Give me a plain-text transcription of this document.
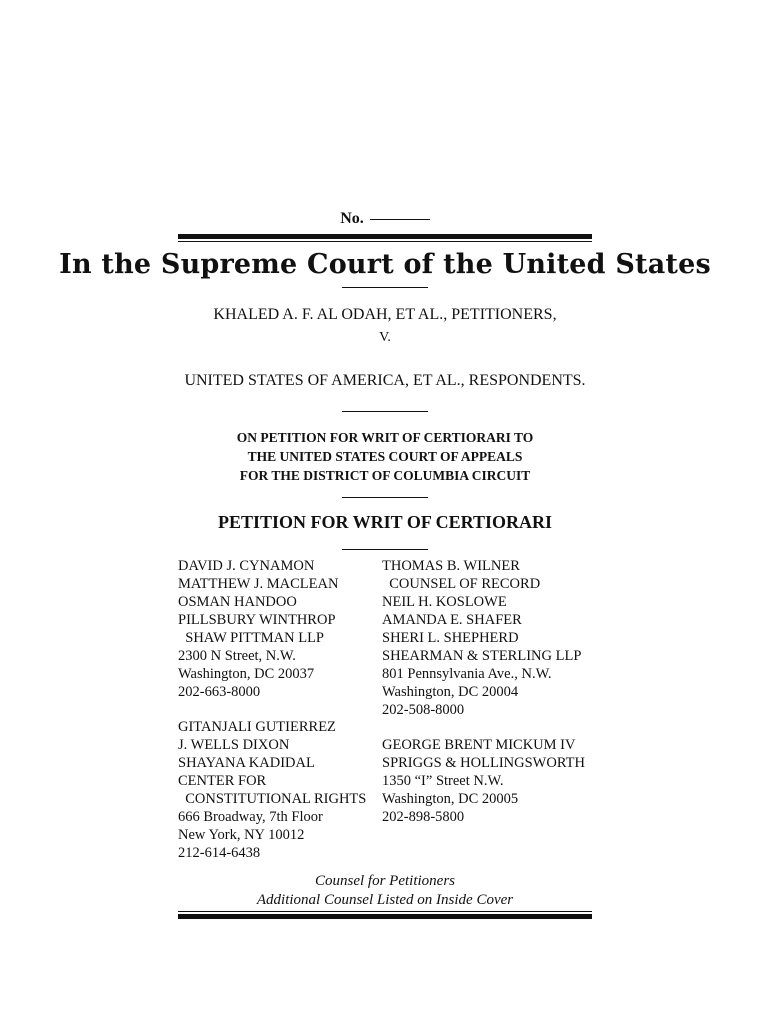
No.
In the Supreme Court of the United States
KHALED A. F. AL ODAH, ET AL., PETITIONERS,
V.
UNITED STATES OF AMERICA, ET AL., RESPONDENTS.
ON PETITION FOR WRIT OF CERTIORARI TO
THE UNITED STATES COURT OF APPEALS
FOR THE DISTRICT OF COLUMBIA CIRCUIT
PETITION FOR WRIT OF CERTIORARI
DAVID J. CYNAMON
MATTHEW J. MACLEAN
OSMAN HANDOO
PILLSBURY WINTHROP
SHAW PITTMAN LLP
2300 N Street, N.W.
Washington, DC 20037
202-663-8000
GITANJALI GUTIERREZ
J. WELLS DIXON
SHAYANA KADIDAL
CENTER FOR
CONSTITUTIONAL RIGHTS
666 Broadway, 7th Floor
New York, NY 10012
212-614-6438
THOMAS B. WILNER
COUNSEL OF RECORD
NEIL H. KOSLOWE
AMANDA E. SHAFER
SHERI L. SHEPHERD
SHEARMAN & STERLING LLP
801 Pennsylvania Ave., N.W.
Washington, DC 20004
202-508-8000
GEORGE BRENT MICKUM IV
SPRIGGS & HOLLINGSWORTH
1350 “I” Street N.W.
Washington, DC 20005
202-898-5800
Counsel for Petitioners
Additional Counsel Listed on Inside Cover
